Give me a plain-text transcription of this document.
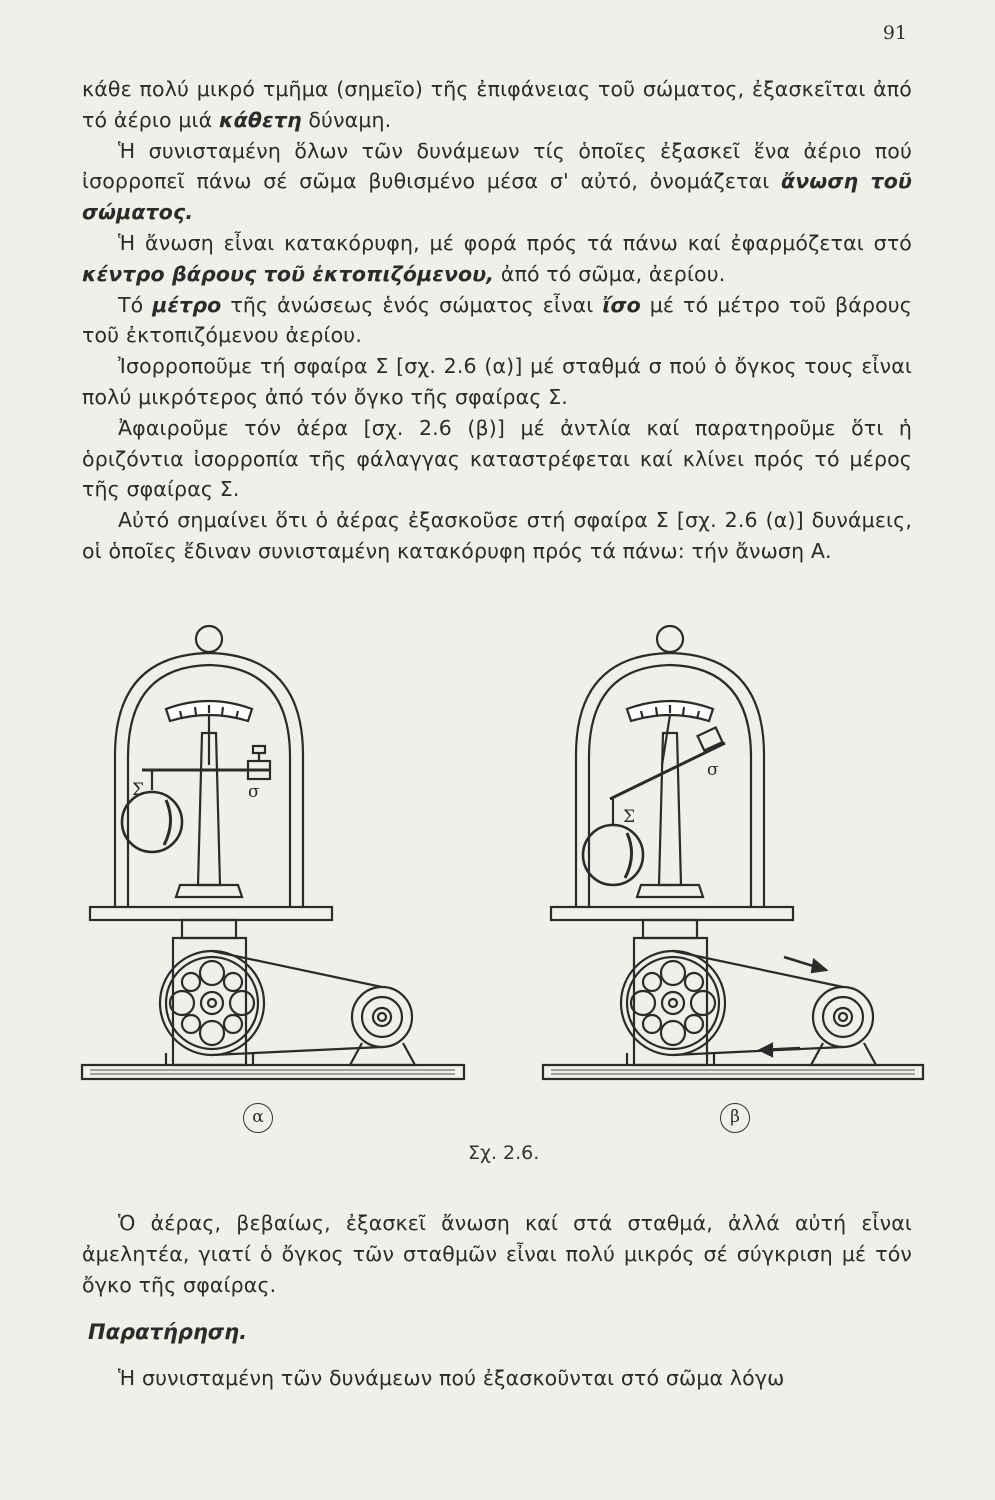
91

κάθε πολύ μικρό τμῆμα (σημεῖο) τῆς ἐπιφάνειας τοῦ σώματος, ἐξασκεῖται ἀπό τό ἀέριο μιά κάθετη δύναμη.

Ἡ συνισταμένη ὅλων τῶν δυνάμεων τίς ὁποῖες ἐξασκεῖ ἕνα ἀέριο πού ἰσορροπεῖ πάνω σέ σῶμα βυθισμένο μέσα σ' αὐτό, ὀνομάζεται ἄνωση τοῦ σώματος.

Ἡ ἄνωση εἶναι κατακόρυφη, μέ φορά πρός τά πάνω καί ἐφαρμόζεται στό κέντρο βάρους τοῦ ἐκτοπιζόμενου, ἀπό τό σῶμα, ἀερίου.

Τό μέτρο τῆς ἀνώσεως ἑνός σώματος εἶναι ἴσο μέ τό μέτρο τοῦ βάρους τοῦ ἐκτοπιζόμενου ἀερίου.

Ἰσορροποῦμε τή σφαίρα Σ [σχ. 2.6 (α)] μέ σταθμά σ πού ὁ ὄγκος τους εἶναι πολύ μικρότερος ἀπό τόν ὄγκο τῆς σφαίρας Σ.

Ἀφαιροῦμε τόν ἀέρα [σχ. 2.6 (β)] μέ ἀντλία καί παρατηροῦμε ὅτι ἡ ὁριζόντια ἰσορροπία τῆς φάλαγγας καταστρέφεται καί κλίνει πρός τό μέρος τῆς σφαίρας Σ.

Αὐτό σημαίνει ὅτι ὁ ἀέρας ἐξασκοῦσε στή σφαίρα Σ [σχ. 2.6 (α)] δυνάμεις, οἱ ὁποῖες ἔδιναν συνισταμένη κατακόρυφη πρός τά πάνω: τήν ἄνωση Α.

Σ	σ
Σ
σ
α	β
Σχ. 2.6.

Ὁ ἀέρας, βεβαίως, ἐξασκεῖ ἄνωση καί στά σταθμά, ἀλλά αὐτή εἶναι ἀμελητέα, γιατί ὁ ὄγκος τῶν σταθμῶν εἶναι πολύ μικρός σέ σύγκριση μέ τόν ὄγκο τῆς σφαίρας.

Παρατήρηση.

Ἡ συνισταμένη τῶν δυνάμεων πού ἐξασκοῦνται στό σῶμα λόγω
